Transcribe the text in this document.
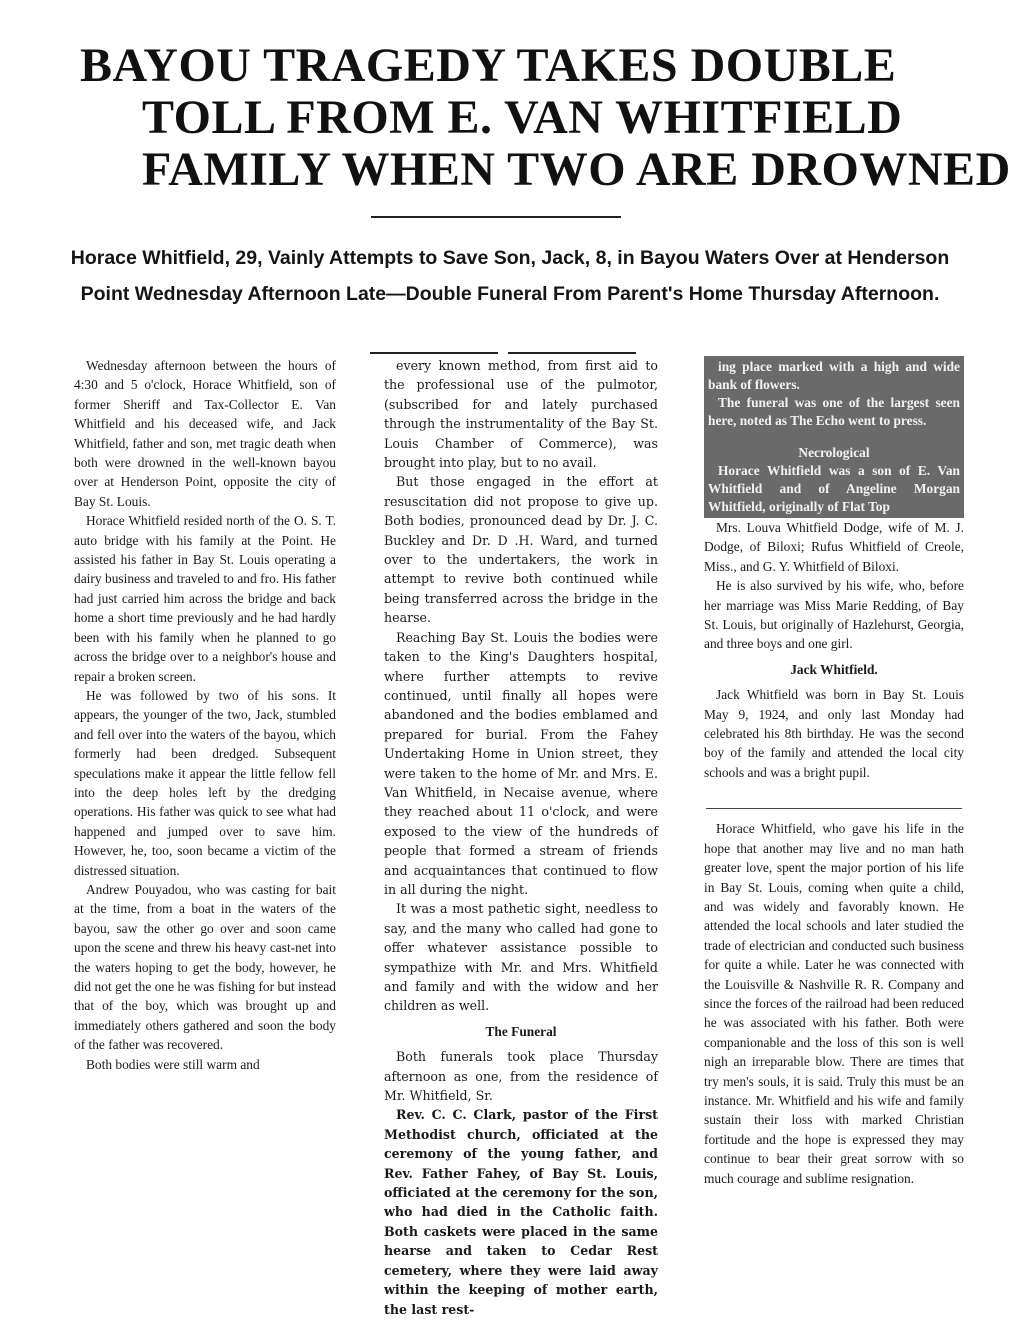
BAYOU TRAGEDY TAKES DOUBLE
TOLL FROM E. VAN WHITFIELD
FAMILY WHEN TWO ARE DROWNED

Horace Whitfield, 29, Vainly Attempts to Save Son, Jack, 8, in Bayou Waters Over at Henderson Point Wednesday Afternoon Late—Double Funeral From Parent's Home Thursday Afternoon.

Wednesday afternoon between the hours of 4:30 and 5 o'clock, Horace Whitfield, son of former Sheriff and Tax-Collector E. Van Whitfield and his deceased wife, and Jack Whitfield, father and son, met tragic death when both were drowned in the well-known bayou over at Henderson Point, opposite the city of Bay St. Louis.

Horace Whitfield resided north of the O. S. T. auto bridge with his family at the Point. He assisted his father in Bay St. Louis operating a dairy business and traveled to and fro. His father had just carried him across the bridge and back home a short time previously and he had hardly been with his family when he planned to go across the bridge over to a neighbor's house and repair a broken screen.

He was followed by two of his sons. It appears, the younger of the two, Jack, stumbled and fell over into the waters of the bayou, which formerly had been dredged. Subsequent speculations make it appear the little fellow fell into the deep holes left by the dredging operations. His father was quick to see what had happened and jumped over to save him. However, he, too, soon became a victim of the distressed situation.

Andrew Pouyadou, who was casting for bait at the time, from a boat in the waters of the bayou, saw the other go over and soon came upon the scene and threw his heavy cast-net into the waters hoping to get the body, however, he did not get the one he was fishing for but instead that of the boy, which was brought up and immediately others gathered and soon the body of the father was recovered.

Both bodies were still warm and

every known method, from first aid to the professional use of the pulmotor, (subscribed for and lately purchased through the instrumentality of the Bay St. Louis Chamber of Commerce), was brought into play, but to no avail.

But those engaged in the effort at resuscitation did not propose to give up. Both bodies, pronounced dead by Dr. J. C. Buckley and Dr. D .H. Ward, and turned over to the undertakers, the work in attempt to revive both continued while being transferred across the bridge in the hearse.

Reaching Bay St. Louis the bodies were taken to the King's Daughters hospital, where further attempts to revive continued, until finally all hopes were abandoned and the bodies emblamed and prepared for burial. From the Fahey Undertaking Home in Union street, they were taken to the home of Mr. and Mrs. E. Van Whitfield, in Necaise avenue, where they reached about 11 o'clock, and were exposed to the view of the hundreds of people that formed a stream of friends and acquaintances that continued to flow in all during the night.

It was a most pathetic sight, needless to say, and the many who called had gone to offer whatever assistance possible to sympathize with Mr. and Mrs. Whitfield and family and with the widow and her children as well.

The Funeral

Both funerals took place Thursday afternoon as one, from the residence of Mr. Whitfield, Sr.

Rev. C. C. Clark, pastor of the First Methodist church, officiated at the ceremony of the young father, and Rev. Father Fahey, of Bay St. Louis, officiated at the ceremony for the son, who had died in the Catholic faith. Both caskets were placed in the same hearse and taken to Cedar Rest cemetery, where they were laid away within the keeping of mother earth, the last rest-

ing place marked with a high and wide bank of flowers.

The funeral was one of the largest seen here, noted as The Echo went to press.

Necrological

Horace Whitfield was a son of E. Van Whitfield and of Angeline Morgan Whitfield, originally of Flat Top

Mrs. Louva Whitfield Dodge, wife of M. J. Dodge, of Biloxi; Rufus Whitfield of Creole, Miss., and G. Y. Whitfield of Biloxi.

He is also survived by his wife, who, before her marriage was Miss Marie Redding, of Bay St. Louis, but originally of Hazlehurst, Georgia, and three boys and one girl.

Jack Whitfield.

Jack Whitfield was born in Bay St. Louis May 9, 1924, and only last Monday had celebrated his 8th birthday. He was the second boy of the family and attended the local city schools and was a bright pupil.

Horace Whitfield, who gave his life in the hope that another may live and no man hath greater love, spent the major portion of his life in Bay St. Louis, coming when quite a child, and was widely and favorably known. He attended the local schools and later studied the trade of electrician and conducted such business for quite a while. Later he was connected with the Louisville & Nashville R. R. Company and since the forces of the railroad had been reduced he was associated with his father. Both were companionable and the loss of this son is well nigh an irreparable blow. There are times that try men's souls, it is said. Truly this must be an instance. Mr. Whitfield and his wife and family sustain their loss with marked Christian fortitude and the hope is expressed they may continue to bear their great sorrow with so much courage and sublime resignation.
